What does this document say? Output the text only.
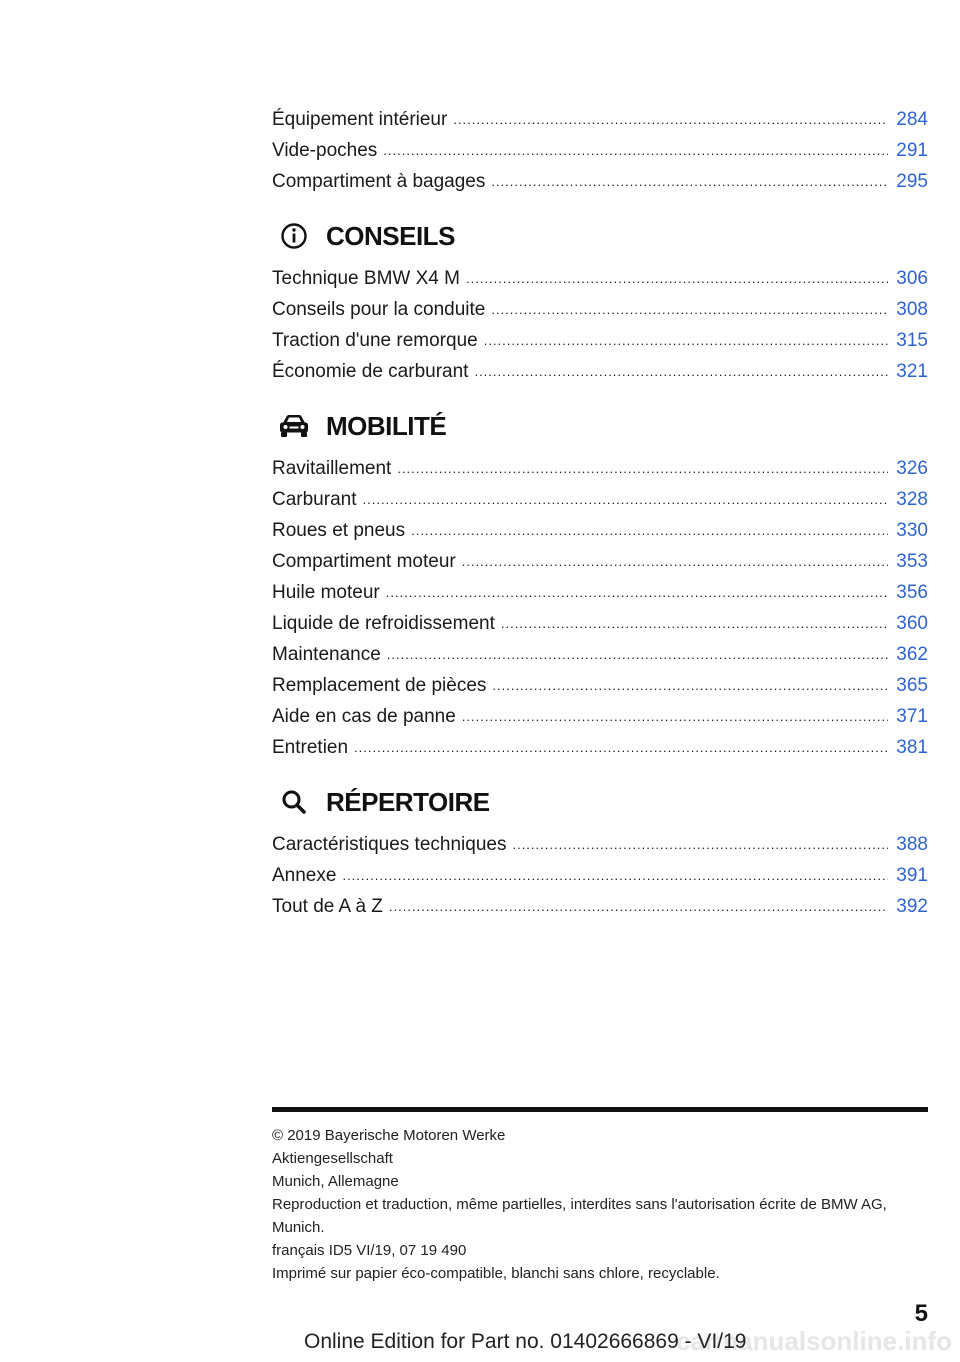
Équipement intérieur .....	284
Vide-poches .....	291
Compartiment à bagages .....	295
CONSEILS
Technique BMW X4 M .....	306
Conseils pour la conduite .....	308
Traction d'une remorque .....	315
Économie de carburant .....	321
MOBILITÉ
Ravitaillement .....	326
Carburant .....	328
Roues et pneus .....	330
Compartiment moteur .....	353
Huile moteur .....	356
Liquide de refroidissement .....	360
Maintenance .....	362
Remplacement de pièces .....	365
Aide en cas de panne .....	371
Entretien .....	381
RÉPERTOIRE
Caractéristiques techniques .....	388
Annexe .....	391
Tout de A à Z .....	392
© 2019 Bayerische Motoren Werke
Aktiengesellschaft
Munich, Allemagne
Reproduction et traduction, même partielles, interdites sans l'autorisation écrite de BMW AG,
Munich.
français ID5 VI/19, 07 19 490
Imprimé sur papier éco-compatible, blanchi sans chlore, recyclable.
5
carmanualsonline.info
Online Edition for Part no. 01402666869 - VI/19
